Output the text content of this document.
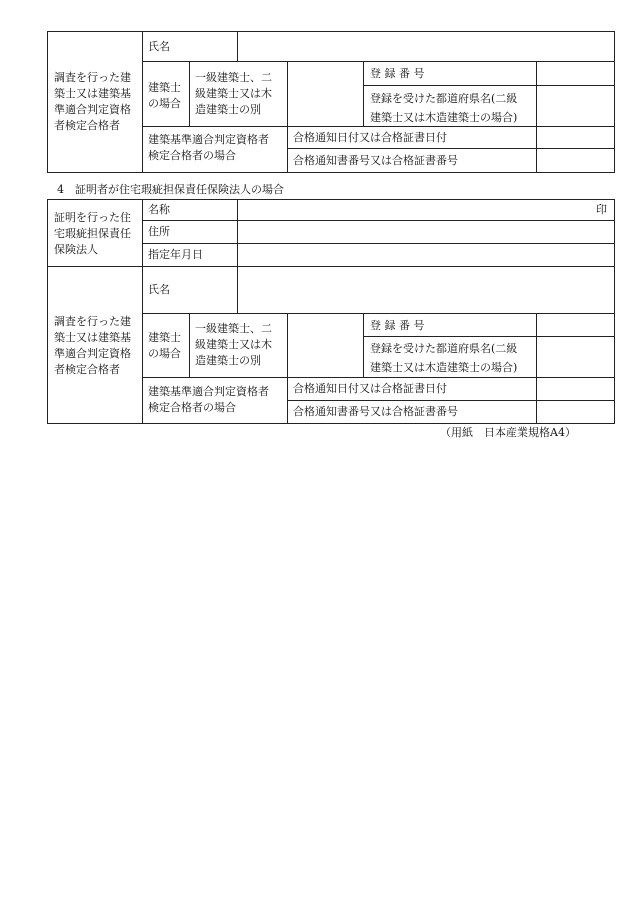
調査を行った建
築士又は建築基
準適合判定資格
者検定合格者
氏名
建築士
の場合
一級建築士、二
級建築士又は木
造建築士の別
登 録 番 号
登録を受けた都道府県名(二級
建築士又は木造建築士の場合)
建築基準適合判定資格者
検定合格者の場合
合格通知日付又は合格証書日付
合格通知書番号又は合格証書番号
4　証明者が住宅瑕疵担保責任保険法人の場合
証明を行った住
宅瑕疵担保責任
保険法人
名称	印
住所
指定年月日
調査を行った建
築士又は建築基
準適合判定資格
者検定合格者
氏名
建築士
の場合
一級建築士、二
級建築士又は木
造建築士の別
登 録 番 号
登録を受けた都道府県名(二級
建築士又は木造建築士の場合)
建築基準適合判定資格者
検定合格者の場合
合格通知日付又は合格証書日付
合格通知書番号又は合格証書番号
（用紙　日本産業規格A4）
